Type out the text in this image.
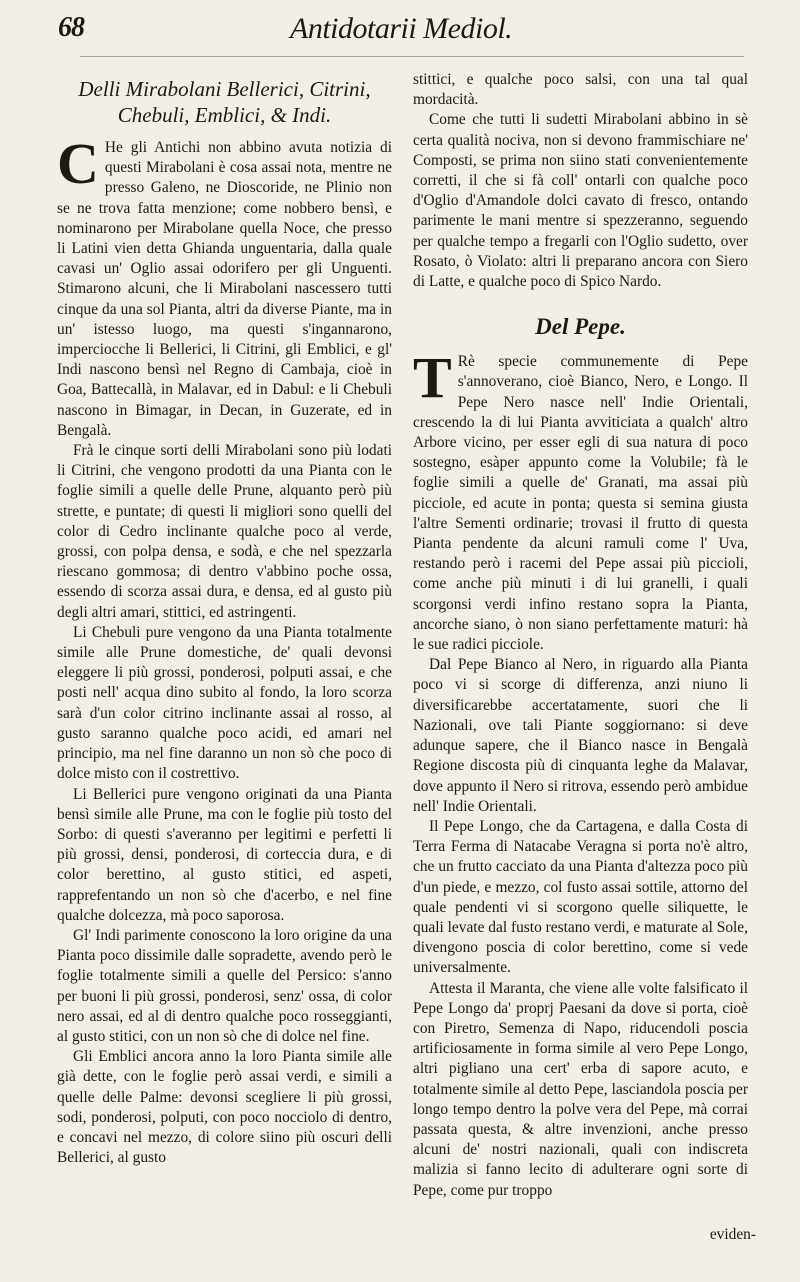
68	Antidotarii Mediol.
Delli Mirabolani Bellerici, Citrini, Chebuli, Emblici, & Indi.

C He gli Antichi non abbino avuta notizia di questi Mirabolani è cosa assai nota, mentre ne presso Galeno, ne Dioscoride, ne Plinio non se ne trova fatta menzione; come nobbero bensì, e nominarono per Mirabolane quella Noce, che presso li Latini vien detta Ghianda unguentaria, dalla quale cavasi un' Oglio assai odorifero per gli Unguenti. Stimarono alcuni, che li Mirabolani nascessero tutti cinque da una sol Pianta, altri da diverse Piante, ma in un' istesso luogo, ma questi s'ingannarono, imperciocche li Bellerici, li Citrini, gli Emblici, e gl' Indi nascono bensì nel Regno di Cambaja, cioè in Goa, Battecallà, in Malavar, ed in Dabul: e li Chebuli nascono in Bimagar, in Decan, in Guzerate, ed in Bengalà.

Frà le cinque sorti delli Mirabolani sono più lodati li Citrini, che vengono prodotti da una Pianta con le foglie simili a quelle delle Prune, alquanto però più strette, e puntate; di questi li migliori sono quelli del color di Cedro inclinante qualche poco al verde, grossi, con polpa densa, e sodà, e che nel spezzarla riescano gommosa; di dentro v'abbino poche ossa, essendo di scorza assai dura, e densa, ed al gusto più degli altri amari, stittici, ed astringenti.

Li Chebuli pure vengono da una Pianta totalmente simile alle Prune domestiche, de' quali devonsi eleggere li più grossi, ponderosi, polputi assai, e che posti nell' acqua dino subito al fondo, la loro scorza sarà d'un color citrino inclinante assai al rosso, al gusto saranno qualche poco acidi, ed amari nel principio, ma nel fine daranno un non sò che poco di dolce misto con il costrettivo.

Li Bellerici pure vengono originati da una Pianta bensì simile alle Prune, ma con le foglie più tosto del Sorbo: di questi s'averanno per legitimi e perfetti li più grossi, densi, ponderosi, di corteccia dura, e di color berettino, al gusto stitici, ed aspeti, rapprefentando un non sò che d'acerbo, e nel fine qualche dolcezza, mà poco saporosa.

Gl' Indi parimente conoscono la loro origine da una Pianta poco dissimile dalle sopradette, avendo però le foglie totalmente simili a quelle del Persico: s'anno per buoni li più grossi, ponderosi, senz' ossa, di color nero assai, ed al di dentro qualche poco rosseggianti, al gusto stitici, con un non sò che di dolce nel fine.

Gli Emblici ancora anno la loro Pianta simile alle già dette, con le foglie però assai verdi, e simili a quelle delle Palme: devonsi scegliere li più grossi, sodi, ponderosi, polputi, con poco nocciolo di dentro, e concavi nel mezzo, di colore siino più oscuri delli Bellerici, al gusto

stittici, e qualche poco salsi, con una tal qual mordacità.

Come che tutti li sudetti Mirabolani abbino in sè certa qualità nociva, non si devono frammischiare ne' Composti, se prima non siino stati convenientemente corretti, il che si fà coll' ontarli con qualche poco d'Oglio d'Amandole dolci cavato di fresco, ontando parimente le mani mentre si spezzeranno, seguendo per qualche tempo a fregarli con l'Oglio sudetto, over Rosato, ò Violato: altri li preparano ancora con Siero di Latte, e qualche poco di Spico Nardo.

Del Pepe.

T Rè specie communemente di Pepe s'annoverano, cioè Bianco, Nero, e Longo. Il Pepe Nero nasce nell' Indie Orientali, crescendo la di lui Pianta avviticiata a qualch' altro Arbore vicino, per esser egli di sua natura di poco sostegno, esàper appunto come la Volubile; fà le foglie simili a quelle de' Granati, ma assai più picciole, ed acute in ponta; questa si semina giusta l'altre Sementi ordinarie; trovasi il frutto di questa Pianta pendente da alcuni ramuli come l' Uva, restando però i racemi del Pepe assai più piccioli, come anche più minuti i di lui granelli, i quali scorgonsi verdi infino restano sopra la Pianta, ancorche siano, ò non siano perfettamente maturi: hà le sue radici picciole.

Dal Pepe Bianco al Nero, in riguardo alla Pianta poco vi si scorge di differenza, anzi niuno li diversificarebbe accertatamente, suori che li Nazionali, ove tali Piante soggiornano: si deve adunque sapere, che il Bianco nasce in Bengalà Regione discosta più di cinquanta leghe da Malavar, dove appunto il Nero si ritrova, essendo però ambidue nell' Indie Orientali.

Il Pepe Longo, che da Cartagena, e dalla Costa di Terra Ferma di Natacabe Veragna si porta no'è altro, che un frutto cacciato da una Pianta d'altezza poco più d'un piede, e mezzo, col fusto assai sottile, attorno del quale pendenti vi si scorgono quelle siliquette, le quali levate dal fusto restano verdi, e maturate al Sole, divengono poscia di color berettino, come si vede universalmente.

Attesta il Maranta, che viene alle volte falsificato il Pepe Longo da' proprj Paesani da dove si porta, cioè con Piretro, Semenza di Napo, riducendoli poscia artificiosamente in forma simile al vero Pepe Longo, altri pigliano una cert' erba di sapore acuto, e totalmente simile al detto Pepe, lasciandola poscia per longo tempo dentro la polve vera del Pepe, mà corrai passata questa, & altre invenzioni, anche presso alcuni de' nostri nazionali, quali con indiscreta malizia si fanno lecito di adulterare ogni sorte di Pepe, come pur troppo

eviden-
